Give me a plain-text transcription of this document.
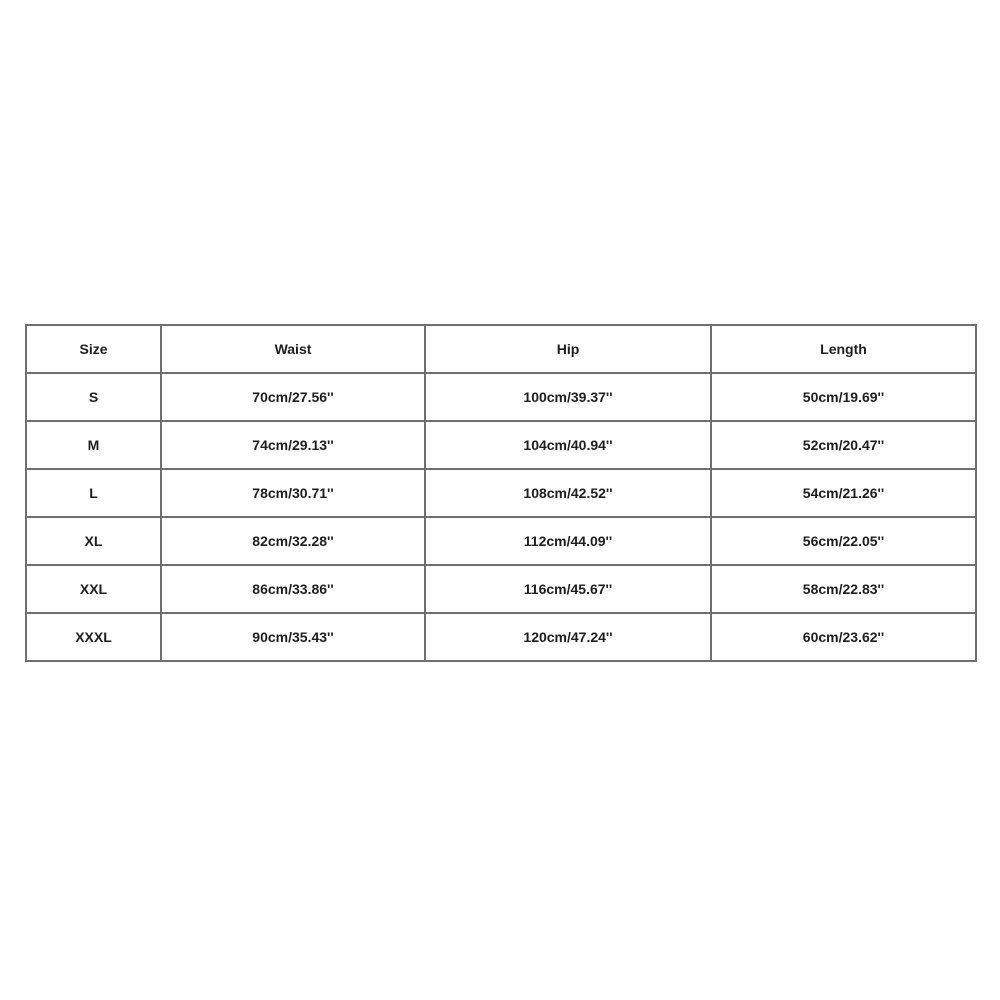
Size	Waist	Hip	Length
S	70cm/27.56''	100cm/39.37''	50cm/19.69''
M	74cm/29.13''	104cm/40.94''	52cm/20.47''
L	78cm/30.71''	108cm/42.52''	54cm/21.26''
XL	82cm/32.28''	112cm/44.09''	56cm/22.05''
XXL	86cm/33.86''	116cm/45.67''	58cm/22.83''
XXXL	90cm/35.43''	120cm/47.24''	60cm/23.62''
